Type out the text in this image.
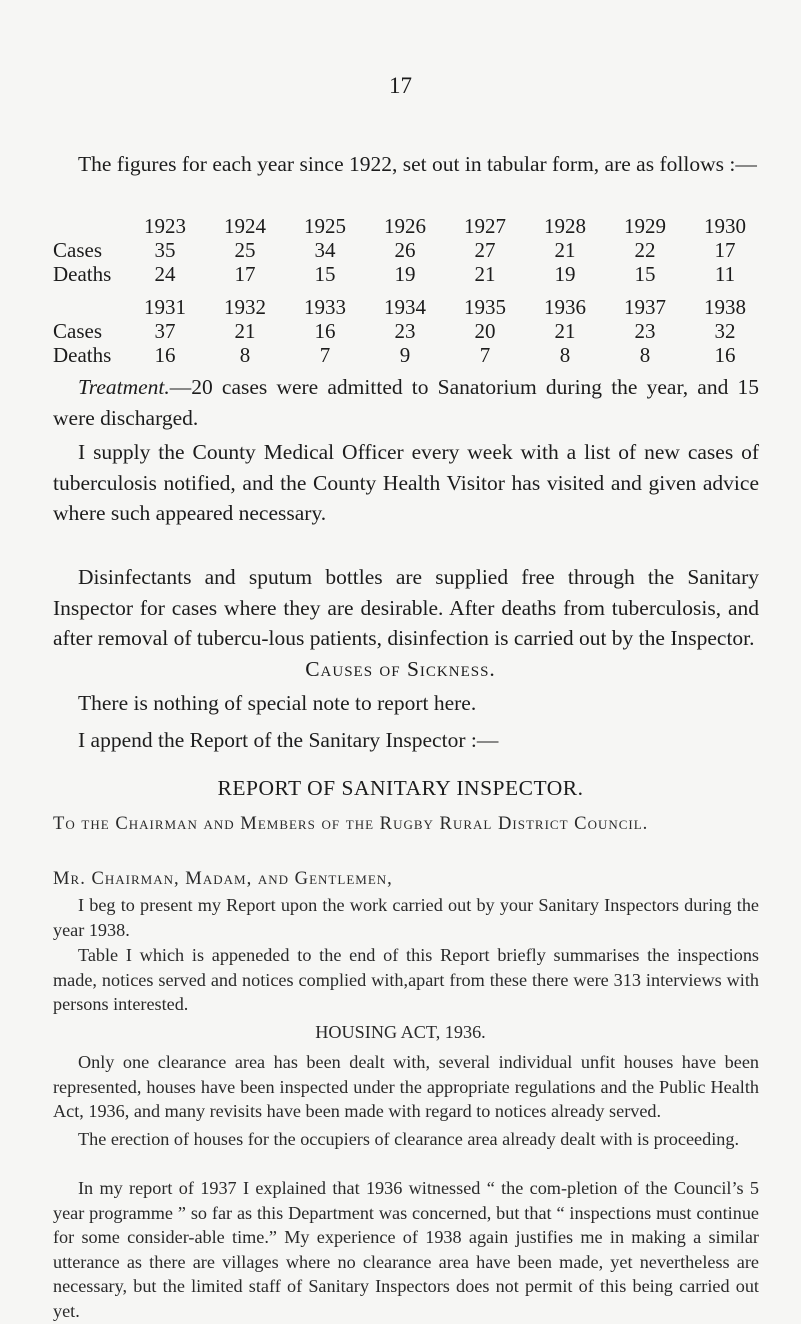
17

The figures for each year since 1922, set out in tabular form, are as follows :—

	1923	1924	1925	1926	1927	1928	1929	1930
Cases	35	25	34	26	27	21	22	17
Deaths	24	17	15	19	21	19	15	11
	1931	1932	1933	1934	1935	1936	1937	1938
Cases	37	21	16	23	20	21	23	32
Deaths	16	8	7	9	7	8	8	16

Treatment.—20 cases were admitted to Sanatorium during the year, and 15 were discharged.

I supply the County Medical Officer every week with a list of new cases of tuberculosis notified, and the County Health Visitor has visited and given advice where such appeared necessary.

Disinfectants and sputum bottles are supplied free through the Sanitary Inspector for cases where they are desirable. After deaths from tuberculosis, and after removal of tubercu-lous patients, disinfection is carried out by the Inspector.

Causes of Sickness.

There is nothing of special note to report here.

I append the Report of the Sanitary Inspector :—

REPORT OF SANITARY INSPECTOR.

To the Chairman and Members of the Rugby Rural District Council.

Mr. Chairman, Madam, and Gentlemen,

I beg to present my Report upon the work carried out by your Sanitary Inspectors during the year 1938.

Table I which is appeneded to the end of this Report briefly summarises the inspections made, notices served and notices complied with,apart from these there were 313 interviews with persons interested.

HOUSING ACT, 1936.

Only one clearance area has been dealt with, several individual unfit houses have been represented, houses have been inspected under the appropriate regulations and the Public Health Act, 1936, and many revisits have been made with regard to notices already served.

The erection of houses for the occupiers of clearance area already dealt with is proceeding.

In my report of 1937 I explained that 1936 witnessed “ the com-pletion of the Council’s 5 year programme ” so far as this Department was concerned, but that “ inspections must continue for some consider-able time.” My experience of 1938 again justifies me in making a similar utterance as there are villages where no clearance area have been made, yet nevertheless are necessary, but the limited staff of Sanitary Inspectors does not permit of this being carried out yet.
